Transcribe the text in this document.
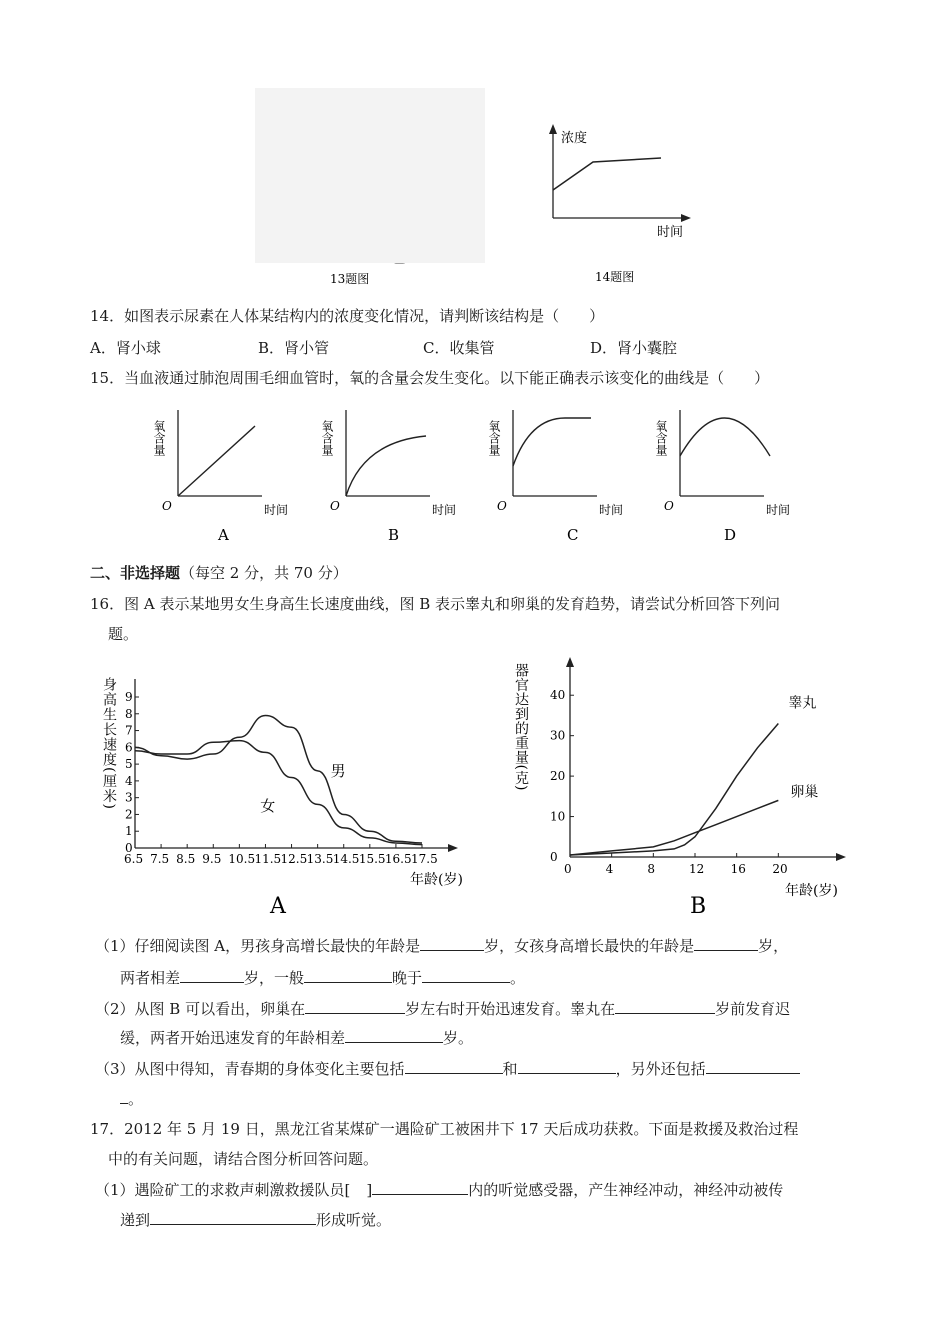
13题图
浓度
时间
14题图
14．如图表示尿素在人体某结构内的浓度变化情况，请判断该结构是（　　）
A．肾小球	B．肾小管	C．收集管	D．肾小囊腔
15．当血液通过肺泡周围毛细血管时，氧的含量会发生变化。以下能正确表示该变化的曲线是（　　）
氧含量
O	时间
A
氧含量
O	时间
B
氧含量
O	时间
C
氧含量
O	时间
D
二、非选择题（每空 2 分，共 70 分）
16．图 A 表示某地男女生身高生长速度曲线，图 B 表示睾丸和卵巢的发育趋势，请尝试分析回答下列问
题。
0
1
2
3
4
5
6
7
8
9
6.5 7.5 8.5 9.5 10.5 11.5 12.5 13.5 14.5 15.5 16.5 17.5
身高生长速度(厘米)
年龄(岁)
男
女
A
0
10
20
30
40
0	4	8	12 16 20
器官达到的重量(克)
年龄(岁)
睾丸
卵巢
B
（1）仔细阅读图 A，男孩身高增长最快的年龄是	岁，女孩身高增长最快的年龄是	岁，
两者相差	岁，一般	晚于	。
（2）从图 B 可以看出，卵巢在	岁左右时开始迅速发育。睾丸在	岁前发育迟
缓，两者开始迅速发育的年龄相差	岁。
（3）从图中得知，青春期的身体变化主要包括	和	，另外还包括
。
17．2012 年 5 月 19 日，黑龙江省某煤矿一遇险矿工被困井下 17 天后成功获救。下面是救援及救治过程
中的有关问题，请结合图分析回答问题。
（1）遇险矿工的求救声刺激救援队员[ ]	内的听觉感受器，产生神经冲动，神经冲动被传
递到	形成听觉。
